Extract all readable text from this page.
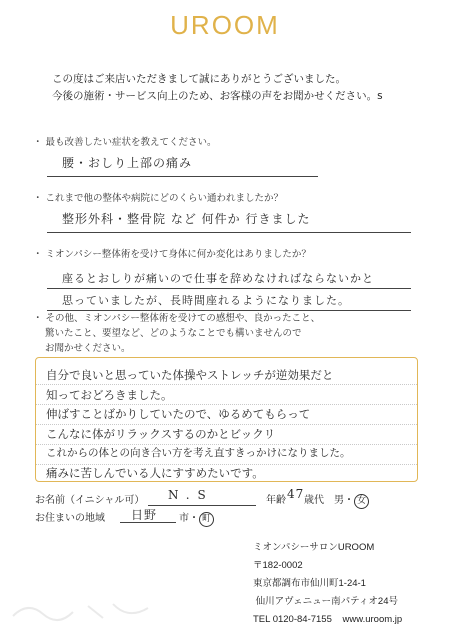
UROOM
この度はご来店いただきまして誠にありがとうございました。
今後の施術・サービス向上のため、お客様の声をお聞かせください。s
・ 最も改善したい症状を教えてください。
腰・おしり上部の痛み
・ これまで他の整体や病院にどのくらい通われましたか？
整形外科・整骨院 など 何件か 行きました
・ ミオンパシー整体術を受けて身体に何か変化はありましたか？
座るとおしりが痛いので仕事を辞めなければならないかと
思っていましたが、長時間座れるようになりました。
・ その他、ミオンパシー整体術を受けての感想や、良かったこと、
驚いたこと、要望など、どのようなことでも構いませんので
お聞かせください。
自分で良いと思っていた体操やストレッチが逆効果だと
知っておどろきました。
伸ばすことばかりしていたので、ゆるめてもらって
こんなに体がリラックスするのかとビックリ
これからの体との向き合い方を考え直すきっかけになりました。
痛みに苦しんでいる人にすすめたいです。
お名前（イニシャル可） N.S	年齢 47 歳代 男・ 女
お住まいの地域 日野 市・ 町
ミオンパシーサロンUROOM
〒182-0002
東京都調布市仙川町1-24-1
仙川アヴェニュー南パティオ24号
TEL 0120-84-7155 www.uroom.jp
